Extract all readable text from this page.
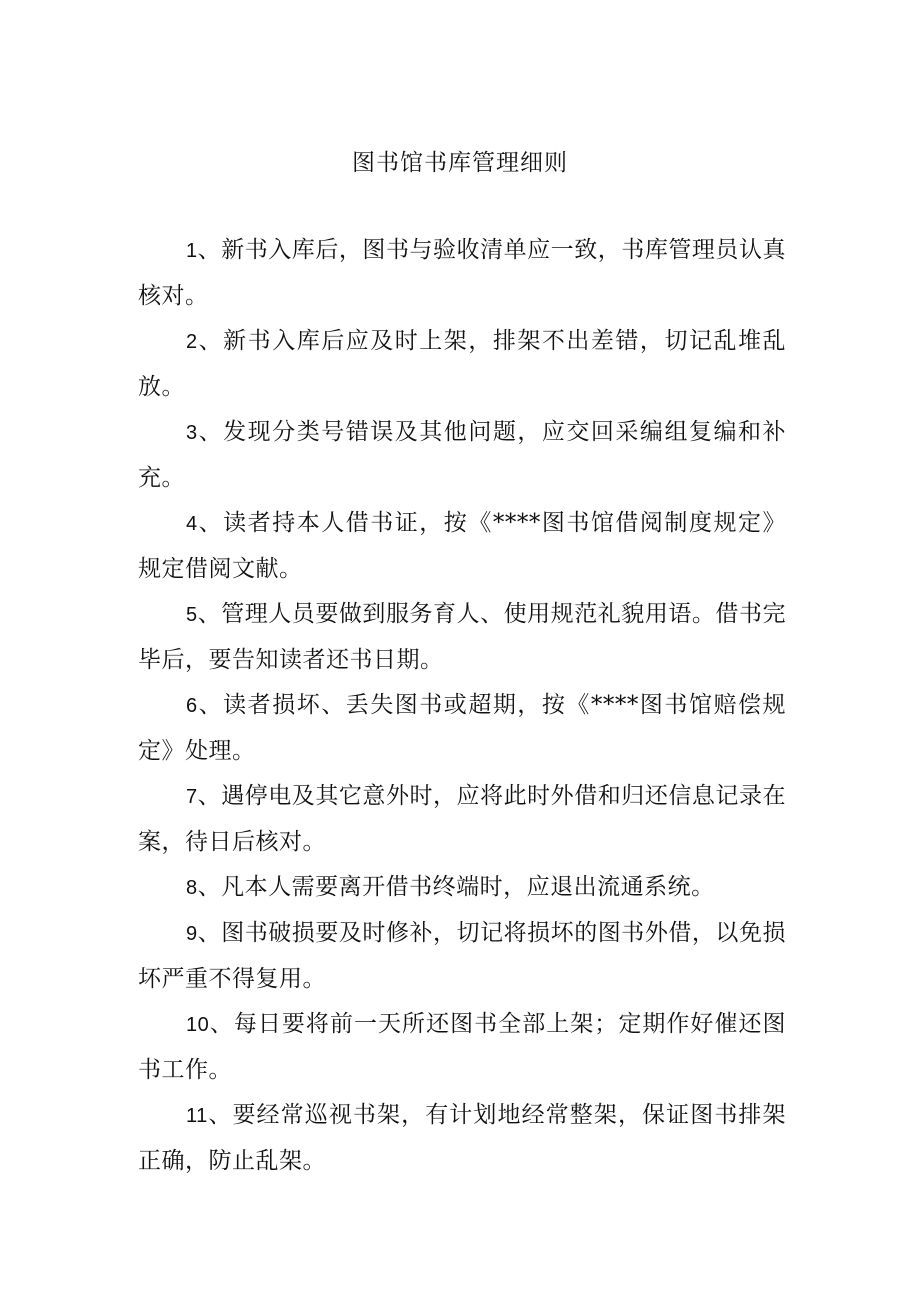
图书馆书库管理细则
1、新书入库后，图书与验收清单应一致，书库管理员认真核对。
2、新书入库后应及时上架，排架不出差错，切记乱堆乱放。
3、发现分类号错误及其他问题，应交回采编组复编和补充。
4、读者持本人借书证，按《****图书馆借阅制度规定》规定借阅文献。
5、管理人员要做到服务育人、使用规范礼貌用语。借书完毕后，要告知读者还书日期。
6、读者损坏、丢失图书或超期，按《****图书馆赔偿规定》处理。
7、遇停电及其它意外时，应将此时外借和归还信息记录在案，待日后核对。
8、凡本人需要离开借书终端时，应退出流通系统。
9、图书破损要及时修补，切记将损坏的图书外借，以免损坏严重不得复用。
10、每日要将前一天所还图书全部上架；定期作好催还图书工作。
11、要经常巡视书架，有计划地经常整架，保证图书排架正确，防止乱架。
